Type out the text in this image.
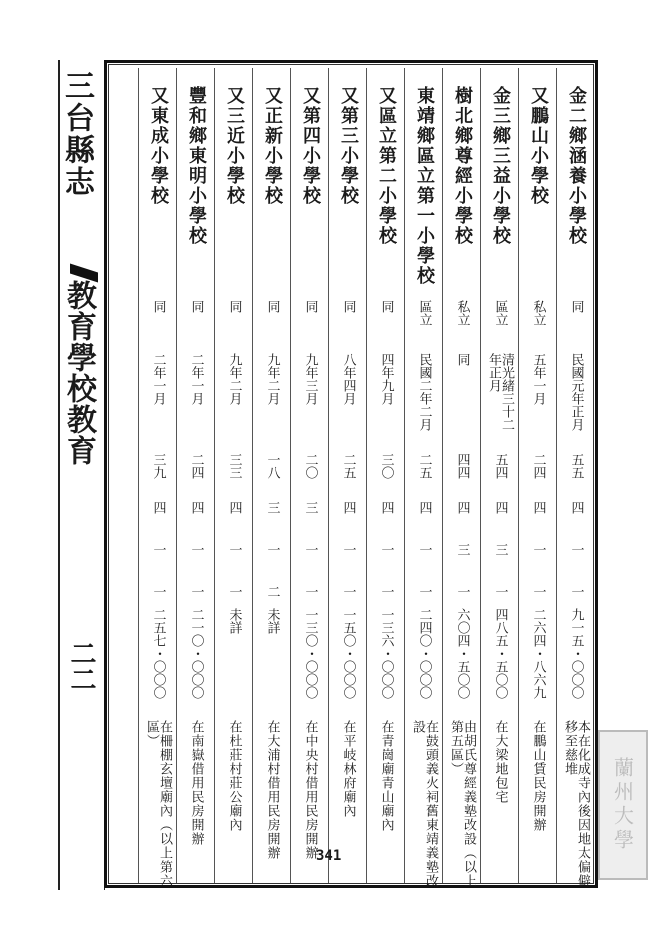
三台縣志
教育學校教育
二二
金二鄉涵養小學校
同
民國元年正月
五五
四
一
一
九一五・〇〇〇
本在化成寺內後因地太偏僻移至慈堆
又鵬山小學校
私立
五年一月
二四
四
一
一
二六四・八六九
在鵬山賃民房開辦
金三鄉三益小學校
區立
清光緒三十二年正月
五四
四
三
一
四八五・五〇〇
在大梁地包宅
樹北鄉尊經小學校
私立
同
四四
四
三
一
六〇四・五〇〇
由胡氏尊經義塾改設（以上第五區）
東靖鄉區立第一小學校
區立
民國二年二月
二五
四
一
一
二四〇・〇〇〇
在鼓頭義火祠舊東靖義塾改設
又區立第二小學校
同
四年九月
三〇
四
一
一
一三六・〇〇〇
在青崗廟青山廟內
又第三小學校
同
八年四月
二五
四
一
一
一五〇・〇〇〇
在平岐林府廟內
又第四小學校
同
九年三月
二〇
三
一
一
一三〇・〇〇〇
在中央村借用民房開辦
又正新小學校
同
九年二月
一八
三
一
二
未詳
在大浦村借用民房開辦
又三近小學校
同
九年二月
三三
四
一
一
未詳
在杜莊村莊公廟內
豐和鄉東明小學校
同
二年一月
二四
四
一
一
二一〇・〇〇〇
在南嶽借用民房開辦
又東成小學校
同
二年一月
三九
四
一
一
二五七・〇〇〇
在柵棚玄壇廟內（以上第六區）
341
蘭州大學
